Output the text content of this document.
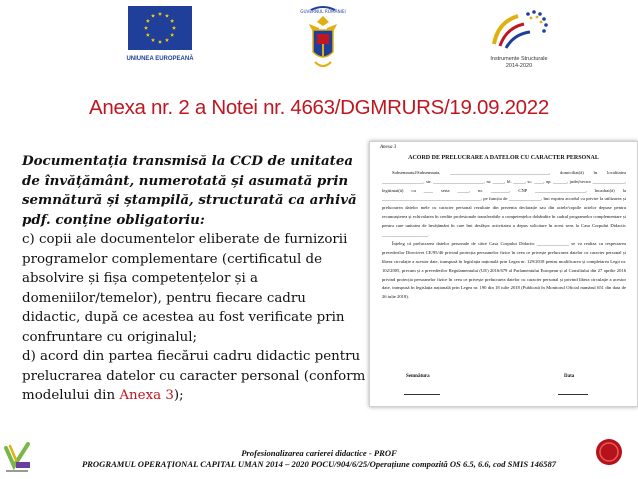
UNIUNEA EUROPEANĂ
GUVERNUL ROMÂNIEI
Instrumente Structurale
2014-2020
Anexa nr. 2 a Notei nr. 4663/DGMRURS/19.09.2022
Documentația transmisă la CCD de unitatea de învățământ, numerotată și asumată prin semnătură și ștampilă, structurată ca arhivă pdf. conține obligatoriu:
c) copii ale documentelor eliberate de furnizorii programelor complementare (certificatul de absolvire și fișa competențelor și a domeniilor/temelor), pentru fiecare cadru didactic, după ce acestea au fost verificate prin confruntare cu originalul;
d) acord din partea fiecărui cadru didactic pentru prelucrarea datelor cu caracter personal (conform modelului din Anexa 3);
Anexa 3
ACORD DE PRELUCRARE A DATELOR CU CARACTER PERSONAL

Subsemnatul/Subsemnata, ___________________________________________, domiciliat(ă) în localitatea __________________, str. ______________________, nr. _____, bl. _____, sc. ____, ap. ______, județ/sector ______________, legitimat(ă) cu ____ seria _____, nr. ________, CNP ______________________, încadrat(ă) la ___________________________________________, pe funcția de ______________, îmi exprim acordul cu privire la utilizarea și prelucrarea datelor mele cu caracter personal rezultate din prezenta declarație sau din actele/copiile actelor depuse pentru recunoașterea și echivalarea în credite profesionale transferabile a competențelor dobândite în cadrul programelor complementare și pentru care unitatea de învățământ în care îmi desfășor activitatea a depus solicitare în acest sens la Casa Corpului Didactic ____________________.

Înțeleg că prelucrarea datelor personale de către Casa Corpului Didactic ______________ se va realiza cu respectarea prevederilor Directivei CE/95/46 privind protecția persoanelor fizice în ceea ce privește prelucrarea datelor cu caracter personal și libera circulație a acestor date, transpusă în legislația națională prin Legea nr. 129/2018 pentru modificarea și completarea Legii nr. 102/2005, precum și a prevederilor Regulamentului (UE) 2016/679 al Parlamentului European și al Consiliului din 27 aprilie 2016 privind protecția persoanelor fizice în ceea ce privește prelucrarea datelor cu caracter personal și privind libera circulație a acestor date, transpusă în legislația națională prin Legea nr. 190 din 18 iulie 2018 (Publicată în Monitorul Oficial numărul 651 din data de 26 iulie 2018).

Semnătura	Data
Profesionalizarea carierei didactice - PROF
PROGRAMUL OPERAȚIONAL CAPITAL UMAN 2014 – 2020 POCU/904/6/25/Operațiune compozită OS 6.5, 6.6, cod SMIS 146587
